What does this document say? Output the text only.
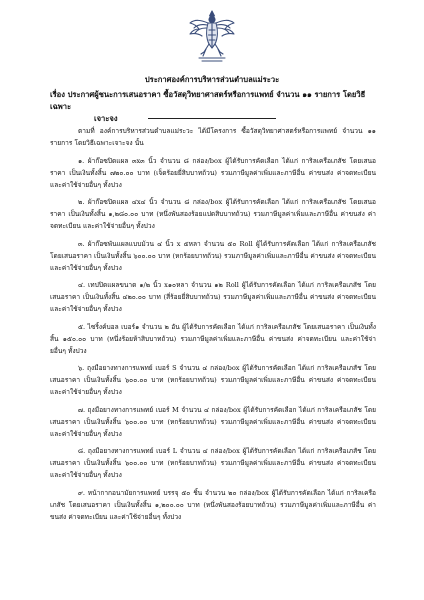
ประกาศองค์การบริหารส่วนตำบลแม่ระวะ
เรื่อง ประกาศผู้ชนะการเสนอราคา ซื้อวัสดุวิทยาศาสตร์หรือการแพทย์ จำนวน ๑๑ รายการ โดยวิธีเฉพาะ
เจาะจง

ตามที่ องค์การบริหารส่วนตำบลแม่ระวะ ได้มีโครงการ ซื้อวัสดุวิทยาศาสตร์หรือการแพทย์ จำนวน ๑๑ รายการ โดยวิธีเฉพาะเจาะจง นั้น

๑. ผ้าก๊อซปิดแผล ๓x๓ นิ้ว จำนวน ๘ กล่อง/box ผู้ได้รับการคัดเลือก ได้แก่ การิลเครือเภสัช โดยเสนอราคา เป็นเงินทั้งสิ้น ๗๒๐.๐๐ บาท (เจ็ดร้อยยี่สิบบาทถ้วน) รวมภาษีมูลค่าเพิ่มและภาษีอื่น ค่าขนส่ง ค่าจดทะเบียน และค่าใช้จ่ายอื่นๆ ทั้งปวง

๒. ผ้าก๊อซปิดแผล ๔x๔ นิ้ว จำนวน ๘ กล่อง/box ผู้ได้รับการคัดเลือก ได้แก่ การิลเครือเภสัช โดยเสนอราคา เป็นเงินทั้งสิ้น ๑,๒๘๐.๐๐ บาท (หนึ่งพันสองร้อยแปดสิบบาทถ้วน) รวมภาษีมูลค่าเพิ่มและภาษีอื่น ค่าขนส่ง ค่าจดทะเบียน และค่าใช้จ่ายอื่นๆ ทั้งปวง

๓. ผ้าก๊อซพันแผลแบบม้วน ๔ นิ้ว x ๕หลา จำนวน ๕๐ Roll ผู้ได้รับการคัดเลือก ได้แก่ การิลเครือเภสัช โดยเสนอราคา เป็นเงินทั้งสิ้น ๖๐๐.๐๐ บาท (หกร้อยบาทถ้วน) รวมภาษีมูลค่าเพิ่มและภาษีอื่น ค่าขนส่ง ค่าจดทะเบียน และค่าใช้จ่ายอื่นๆ ทั้งปวง

๔. เทปปิดแผลขนาด ๑/๒ นิ้ว x๑๐หลา จำนวน ๑๒ Roll ผู้ได้รับการคัดเลือก ได้แก่ การิลเครือเภสัช โดยเสนอราคา เป็นเงินทั้งสิ้น ๔๒๐.๐๐ บาท (สี่ร้อยยี่สิบบาทถ้วน) รวมภาษีมูลค่าเพิ่มและภาษีอื่น ค่าขนส่ง ค่าจดทะเบียน และค่าใช้จ่ายอื่นๆ ทั้งปวง

๕. ไซริ้งค์บอล เบอร์๑ จำนวน ๒ อัน ผู้ได้รับการคัดเลือก ได้แก่ การิลเครือเภสัช โดยเสนอราคา เป็นเงินทั้งสิ้น ๑๕๐.๐๐ บาท (หนึ่งร้อยห้าสิบบาทถ้วน) รวมภาษีมูลค่าเพิ่มและภาษีอื่น ค่าขนส่ง ค่าจดทะเบียน และค่าใช้จ่ายอื่นๆ ทั้งปวง

๖. ถุงมือยางทางการแพทย์ เบอร์ S จำนวน ๔ กล่อง/box ผู้ได้รับการคัดเลือก ได้แก่ การิลเครือเภสัช โดยเสนอราคา เป็นเงินทั้งสิ้น ๖๐๐.๐๐ บาท (หกร้อยบาทถ้วน) รวมภาษีมูลค่าเพิ่มและภาษีอื่น ค่าขนส่ง ค่าจดทะเบียน และค่าใช้จ่ายอื่นๆ ทั้งปวง

๗. ถุงมือยางทางการแพทย์ เบอร์ M จำนวน ๔ กล่อง/box ผู้ได้รับการคัดเลือก ได้แก่ การิลเครือเภสัช โดยเสนอราคา เป็นเงินทั้งสิ้น ๖๐๐.๐๐ บาท (หกร้อยบาทถ้วน) รวมภาษีมูลค่าเพิ่มและภาษีอื่น ค่าขนส่ง ค่าจดทะเบียน และค่าใช้จ่ายอื่นๆ ทั้งปวง

๘. ถุงมือยางทางการแพทย์ เบอร์ L จำนวน ๔ กล่อง/box ผู้ได้รับการคัดเลือก ได้แก่ การิลเครือเภสัช โดยเสนอราคา เป็นเงินทั้งสิ้น ๖๐๐.๐๐ บาท (หกร้อยบาทถ้วน) รวมภาษีมูลค่าเพิ่มและภาษีอื่น ค่าขนส่ง ค่าจดทะเบียน และค่าใช้จ่ายอื่นๆ ทั้งปวง

๙. หน้ากากอนามัยการแพทย์ บรรจุ ๕๐ ชิ้น จำนวน ๒๐ กล่อง/box ผู้ได้รับการคัดเลือก ได้แก่ การิลเครือเภสัช โดยเสนอราคา เป็นเงินทั้งสิ้น ๑,๒๐๐.๐๐ บาท (หนึ่งพันสองร้อยบาทถ้วน) รวมภาษีมูลค่าเพิ่มและภาษีอื่น ค่าขนส่ง ค่าจดทะเบียน และค่าใช้จ่ายอื่นๆ ทั้งปวง
